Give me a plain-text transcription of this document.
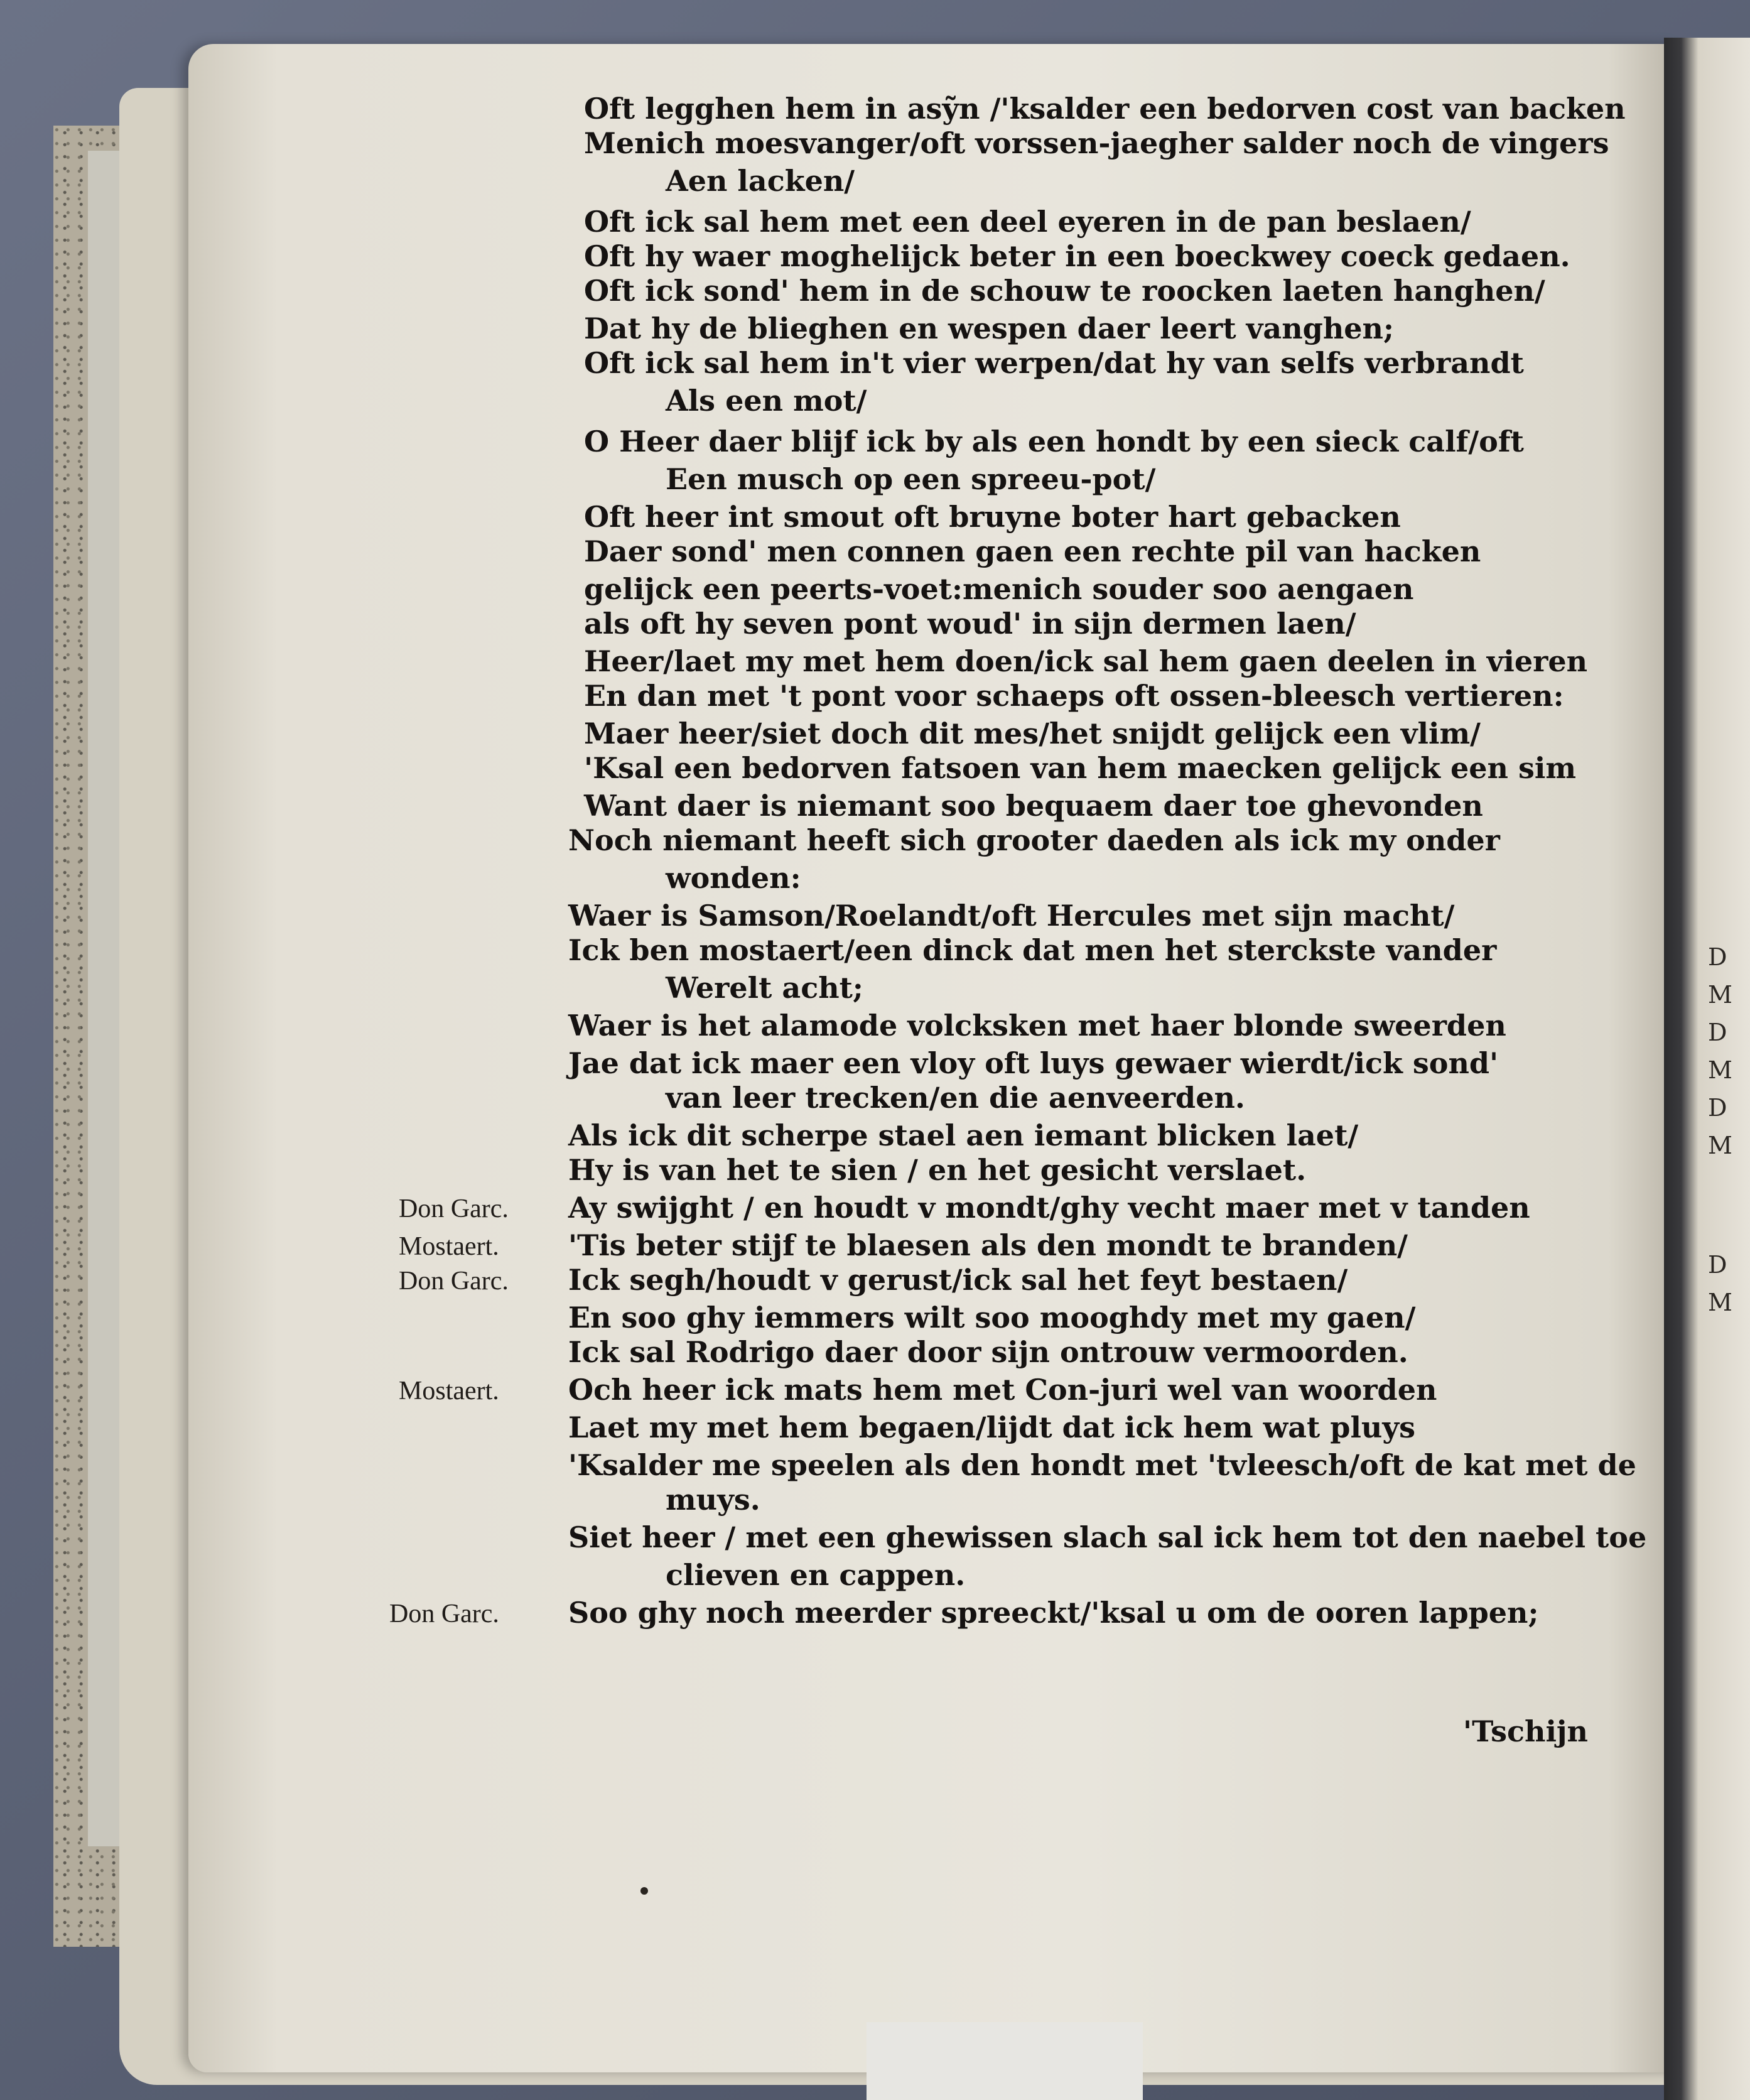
D
M
D
M
D
M
D
M
Oft legghen hem in asỹn /'ksalder een bedorven cost van backen
Menich moesvanger/oft vorssen-jaegher salder noch de vingers
Aen lacken/
Oft ick sal hem met een deel eyeren in de pan beslaen/
Oft hy waer moghelijck beter in een boeckwey coeck gedaen.
Oft ick sond' hem in de schouw te roocken laeten hanghen/
Dat hy de blieghen en wespen daer leert vanghen;
Oft ick sal hem in't vier werpen/dat hy van selfs verbrandt
Als een mot/
O Heer daer blijf ick by als een hondt by een sieck calf/oft
Een musch op een spreeu-pot/
Oft heer int smout oft bruyne boter hart gebacken
Daer sond' men connen gaen een rechte pil van hacken
gelijck een peerts-voet:menich souder soo aengaen
als oft hy seven pont woud' in sijn dermen laen/
Heer/laet my met hem doen/ick sal hem gaen deelen in vieren
En dan met 't pont voor schaeps oft ossen-bleesch vertieren:
Maer heer/siet doch dit mes/het snijdt gelijck een vlim/
'Ksal een bedorven fatsoen van hem maecken gelijck een sim
Want daer is niemant soo bequaem daer toe ghevonden
Noch niemant heeft sich grooter daeden als ick my onder
wonden:
Waer is Samson/Roelandt/oft Hercules met sijn macht/
Ick ben mostaert/een dinck dat men het sterckste vander
Werelt acht;
Waer is het alamode volcksken met haer blonde sweerden
Jae dat ick maer een vloy oft luys gewaer wierdt/ick sond'
van leer trecken/en die aenveerden.
Als ick dit scherpe stael aen iemant blicken laet/
Hy is van het te sien / en het gesicht verslaet.
Ay swijght / en houdt v mondt/ghy vecht maer met v tanden
Don Garc.
'Tis beter stijf te blaesen als den mondt te branden/
Mostaert.
Ick segh/houdt v gerust/ick sal het feyt bestaen/
Don Garc.
En soo ghy iemmers wilt soo mooghdy met my gaen/
Ick sal Rodrigo daer door sijn ontrouw vermoorden.
Och heer ick mats hem met Con-juri wel van woorden
Mostaert.
Laet my met hem begaen/lijdt dat ick hem wat pluys
'Ksalder me speelen als den hondt met 'tvleesch/oft de kat met de
muys.
Siet heer / met een ghewissen slach sal ick hem tot den naebel toe
clieven en cappen.
Soo ghy noch meerder spreeckt/'ksal u om de ooren lappen;
Don Garc.
'Tschijn
